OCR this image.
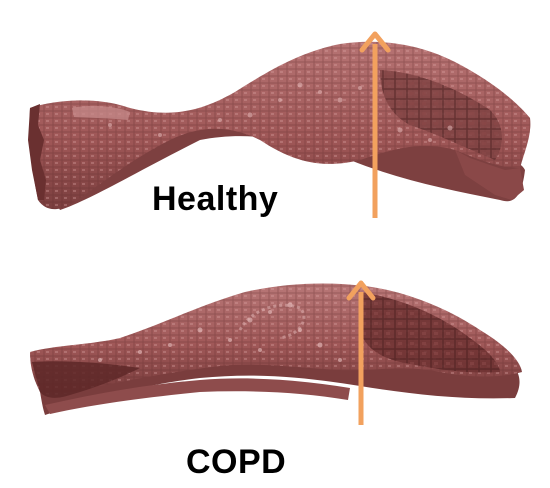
Healthy
COPD
